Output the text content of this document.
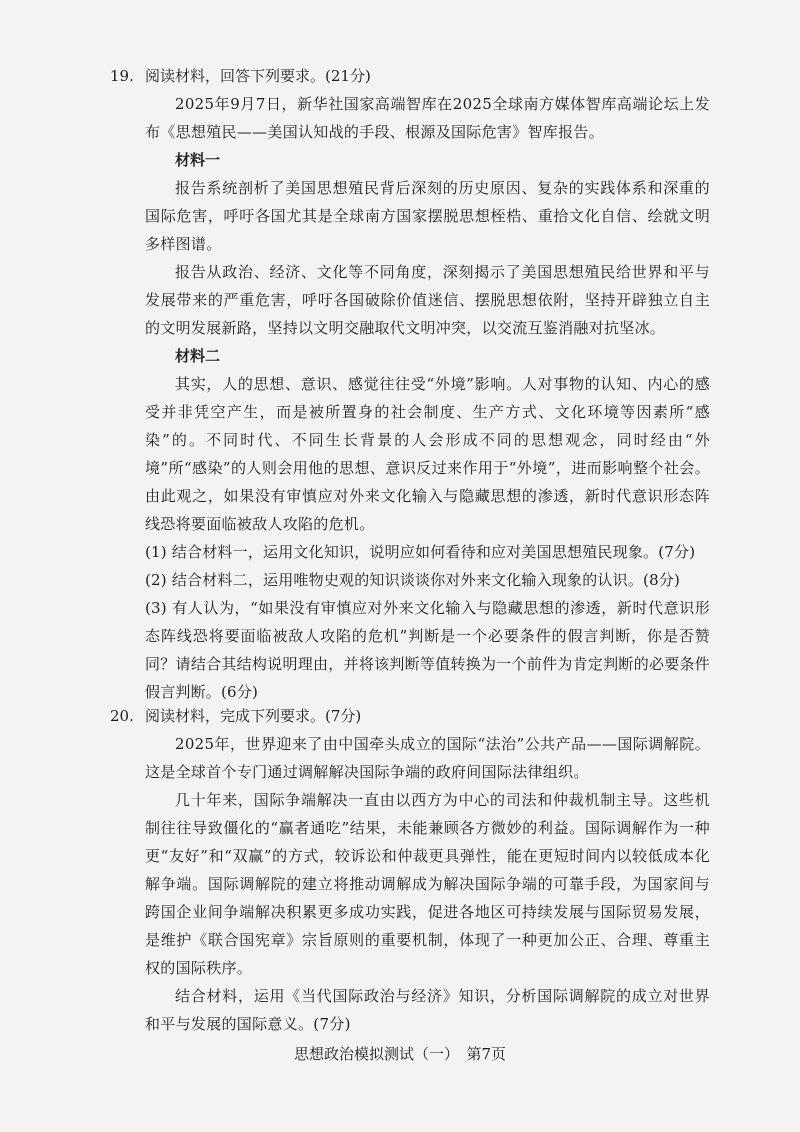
19. 阅读材料，回答下列要求。(21分)

2025年9月7日，新华社国家高端智库在2025全球南方媒体智库高端论坛上发布《思想殖民——美国认知战的手段、根源及国际危害》智库报告。

材料一

报告系统剖析了美国思想殖民背后深刻的历史原因、复杂的实践体系和深重的国际危害，呼吁各国尤其是全球南方国家摆脱思想桎梏、重拾文化自信、绘就文明多样图谱。

报告从政治、经济、文化等不同角度，深刻揭示了美国思想殖民给世界和平与发展带来的严重危害，呼吁各国破除价值迷信、摆脱思想依附，坚持开辟独立自主的文明发展新路，坚持以文明交融取代文明冲突，以交流互鉴消融对抗坚冰。

材料二

其实，人的思想、意识、感觉往往受“外境”影响。人对事物的认知、内心的感受并非凭空产生，而是被所置身的社会制度、生产方式、文化环境等因素所“感染”的。不同时代、不同生长背景的人会形成不同的思想观念，同时经由“外境”所“感染”的人则会用他的思想、意识反过来作用于“外境”，进而影响整个社会。由此观之，如果没有审慎应对外来文化输入与隐藏思想的渗透，新时代意识形态阵线恐将要面临被敌人攻陷的危机。

(1) 结合材料一，运用文化知识，说明应如何看待和应对美国思想殖民现象。(7分)

(2) 结合材料二，运用唯物史观的知识谈谈你对外来文化输入现象的认识。(8分)

(3) 有人认为，“如果没有审慎应对外来文化输入与隐藏思想的渗透，新时代意识形态阵线恐将要面临被敌人攻陷的危机”判断是一个必要条件的假言判断，你是否赞同？请结合其结构说明理由，并将该判断等值转换为一个前件为肯定判断的必要条件假言判断。(6分)

20. 阅读材料，完成下列要求。(7分)

2025年，世界迎来了由中国牵头成立的国际“法治”公共产品——国际调解院。这是全球首个专门通过调解解决国际争端的政府间国际法律组织。

几十年来，国际争端解决一直由以西方为中心的司法和仲裁机制主导。这些机制往往导致僵化的“赢者通吃”结果，未能兼顾各方微妙的利益。国际调解作为一种更“友好”和“双赢”的方式，较诉讼和仲裁更具弹性，能在更短时间内以较低成本化解争端。国际调解院的建立将推动调解成为解决国际争端的可靠手段，为国家间与跨国企业间争端解决积累更多成功实践，促进各地区可持续发展与国际贸易发展，是维护《联合国宪章》宗旨原则的重要机制，体现了一种更加公正、合理、尊重主权的国际秩序。

结合材料，运用《当代国际政治与经济》知识，分析国际调解院的成立对世界和平与发展的国际意义。(7分)

思想政治模拟测试（一）　第7页
